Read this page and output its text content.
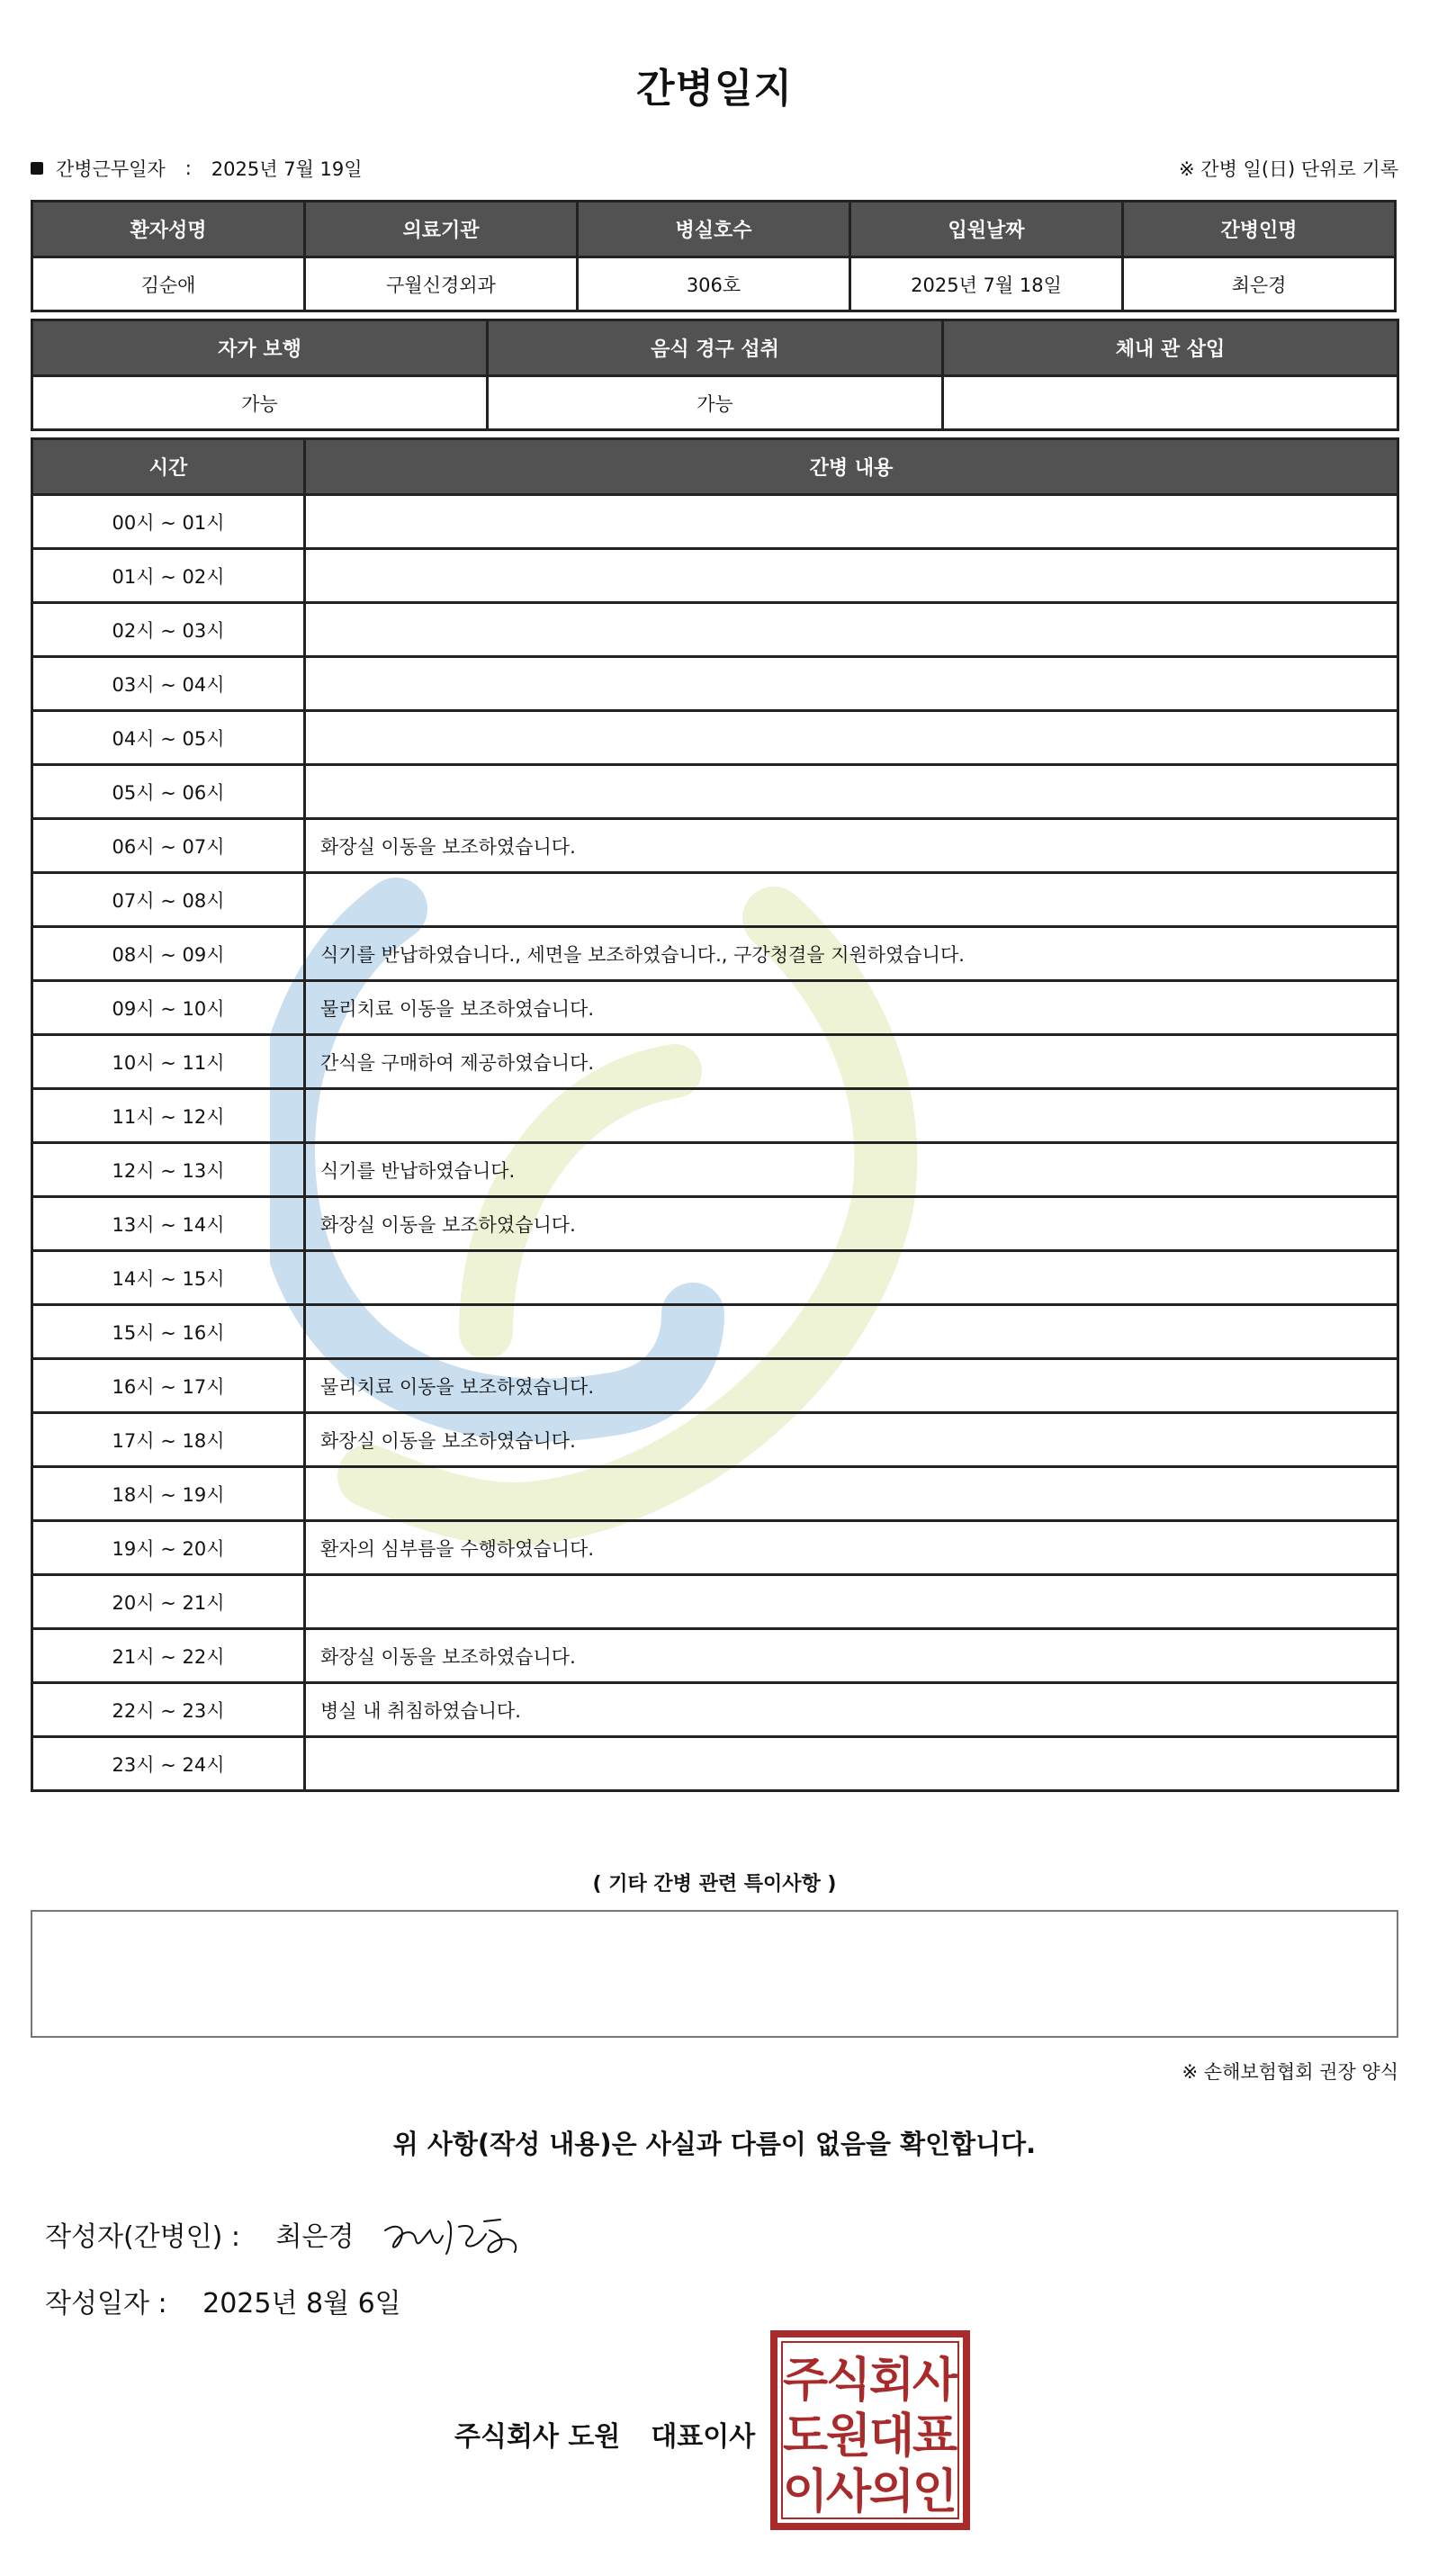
간병일지
간병근무일자 : 2025년 7월 19일	※ 간병 일(日) 단위로 기록
환자성명	의료기관	병실호수	입원날짜	간병인명
김순애	구월신경외과	306호	2025년 7월 18일	최은경
자가 보행	음식 경구 섭취	체내 관 삽입
가능	가능	
시간	간병 내용
00시 ~ 01시	
01시 ~ 02시	
02시 ~ 03시	
03시 ~ 04시	
04시 ~ 05시	
05시 ~ 06시	
06시 ~ 07시	화장실 이동을 보조하였습니다.
07시 ~ 08시	
08시 ~ 09시	식기를 반납하였습니다., 세면을 보조하였습니다., 구강청결을 지원하였습니다.
09시 ~ 10시	물리치료 이동을 보조하였습니다.
10시 ~ 11시	간식을 구매하여 제공하였습니다.
11시 ~ 12시	
12시 ~ 13시	식기를 반납하였습니다.
13시 ~ 14시	화장실 이동을 보조하였습니다.
14시 ~ 15시	
15시 ~ 16시	
16시 ~ 17시	물리치료 이동을 보조하였습니다.
17시 ~ 18시	화장실 이동을 보조하였습니다.
18시 ~ 19시	
19시 ~ 20시	환자의 심부름을 수행하였습니다.
20시 ~ 21시	
21시 ~ 22시	화장실 이동을 보조하였습니다.
22시 ~ 23시	병실 내 취침하였습니다.
23시 ~ 24시	
( 기타 간병 관련 특이사항 )
※ 손해보험협회 권장 양식
위 사항(작성 내용)은 사실과 다름이 없음을 확인합니다.
작성자(간병인) : 최은경
작성일자 : 2025년 8월 6일
주식회사 도원 대표이사
주
식
회
사
도
원
대
표
이
사
의
인
